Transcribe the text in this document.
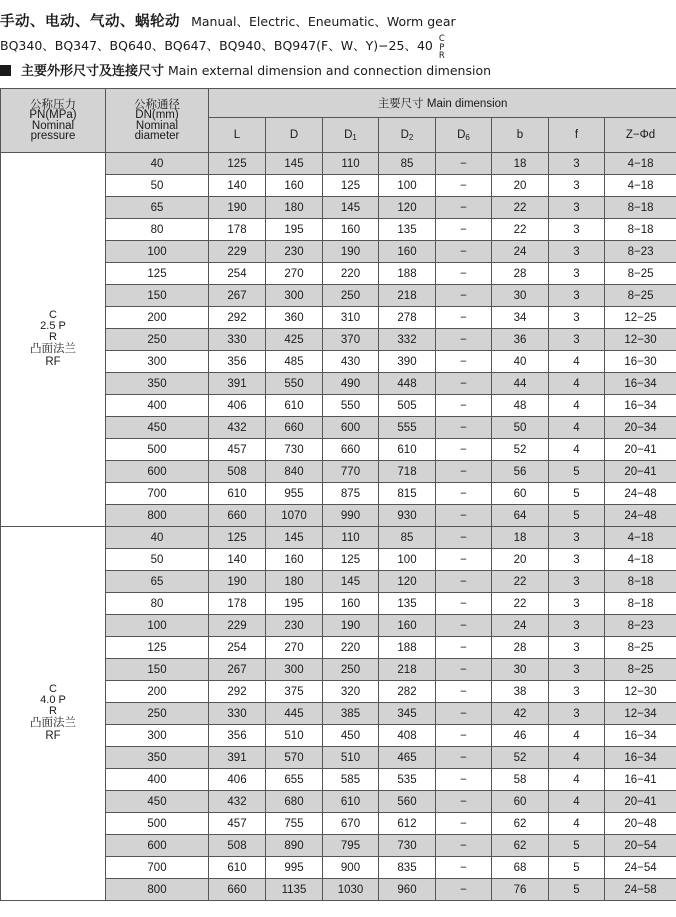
手动、电动、气动、蜗轮动 Manual、Electric、Eneumatic、Worm gear
BQ340、BQ347、BQ640、BQ647、BQ940、BQ947(F、W、Y)−25、40 C
P
R
主要外形尺寸及连接尺寸 Main external dimension and connection dimension
公称压力
PN(MPa)
Nominal
pressure	公称通径
DN(mm)
Nominal
diameter	主要尺寸 Main dimension							
		L	D	$D_1$	$D_2$	$D_6$	b	f	Z−Φd

C
2.5 P
R
凸面法兰
RF	40	125	145	110	85	−	18	3	4−18
	50	140	160	125	100	−	20	3	4−18
	65	190	180	145	120	−	22	3	8−18
	80	178	195	160	135	−	22	3	8−18
	100	229	230	190	160	−	24	3	8−23
	125	254	270	220	188	−	28	3	8−25
	150	267	300	250	218	−	30	3	8−25
	200	292	360	310	278	−	34	3	12−25
	250	330	425	370	332	−	36	3	12−30
	300	356	485	430	390	−	40	4	16−30
	350	391	550	490	448	−	44	4	16−34
	400	406	610	550	505	−	48	4	16−34
	450	432	660	600	555	−	50	4	20−34
	500	457	730	660	610	−	52	4	20−41
	600	508	840	770	718	−	56	5	20−41
	700	610	955	875	815	−	60	5	24−48
	800	660	1070	990	930	−	64	5	24−48

C
4.0 P
R
凸面法兰
RF	40	125	145	110	85	−	18	3	4−18
	50	140	160	125	100	−	20	3	4−18
	65	190	180	145	120	−	22	3	8−18
	80	178	195	160	135	−	22	3	8−18
	100	229	230	190	160	−	24	3	8−23
	125	254	270	220	188	−	28	3	8−25
	150	267	300	250	218	−	30	3	8−25
	200	292	375	320	282	−	38	3	12−30
	250	330	445	385	345	−	42	3	12−34
	300	356	510	450	408	−	46	4	16−34
	350	391	570	510	465	−	52	4	16−34
	400	406	655	585	535	−	58	4	16−41
	450	432	680	610	560	−	60	4	20−41
	500	457	755	670	612	−	62	4	20−48
	600	508	890	795	730	−	62	5	20−54
	700	610	995	900	835	−	68	5	24−54
	800	660	1135	1030	960	−	76	5	24−58
